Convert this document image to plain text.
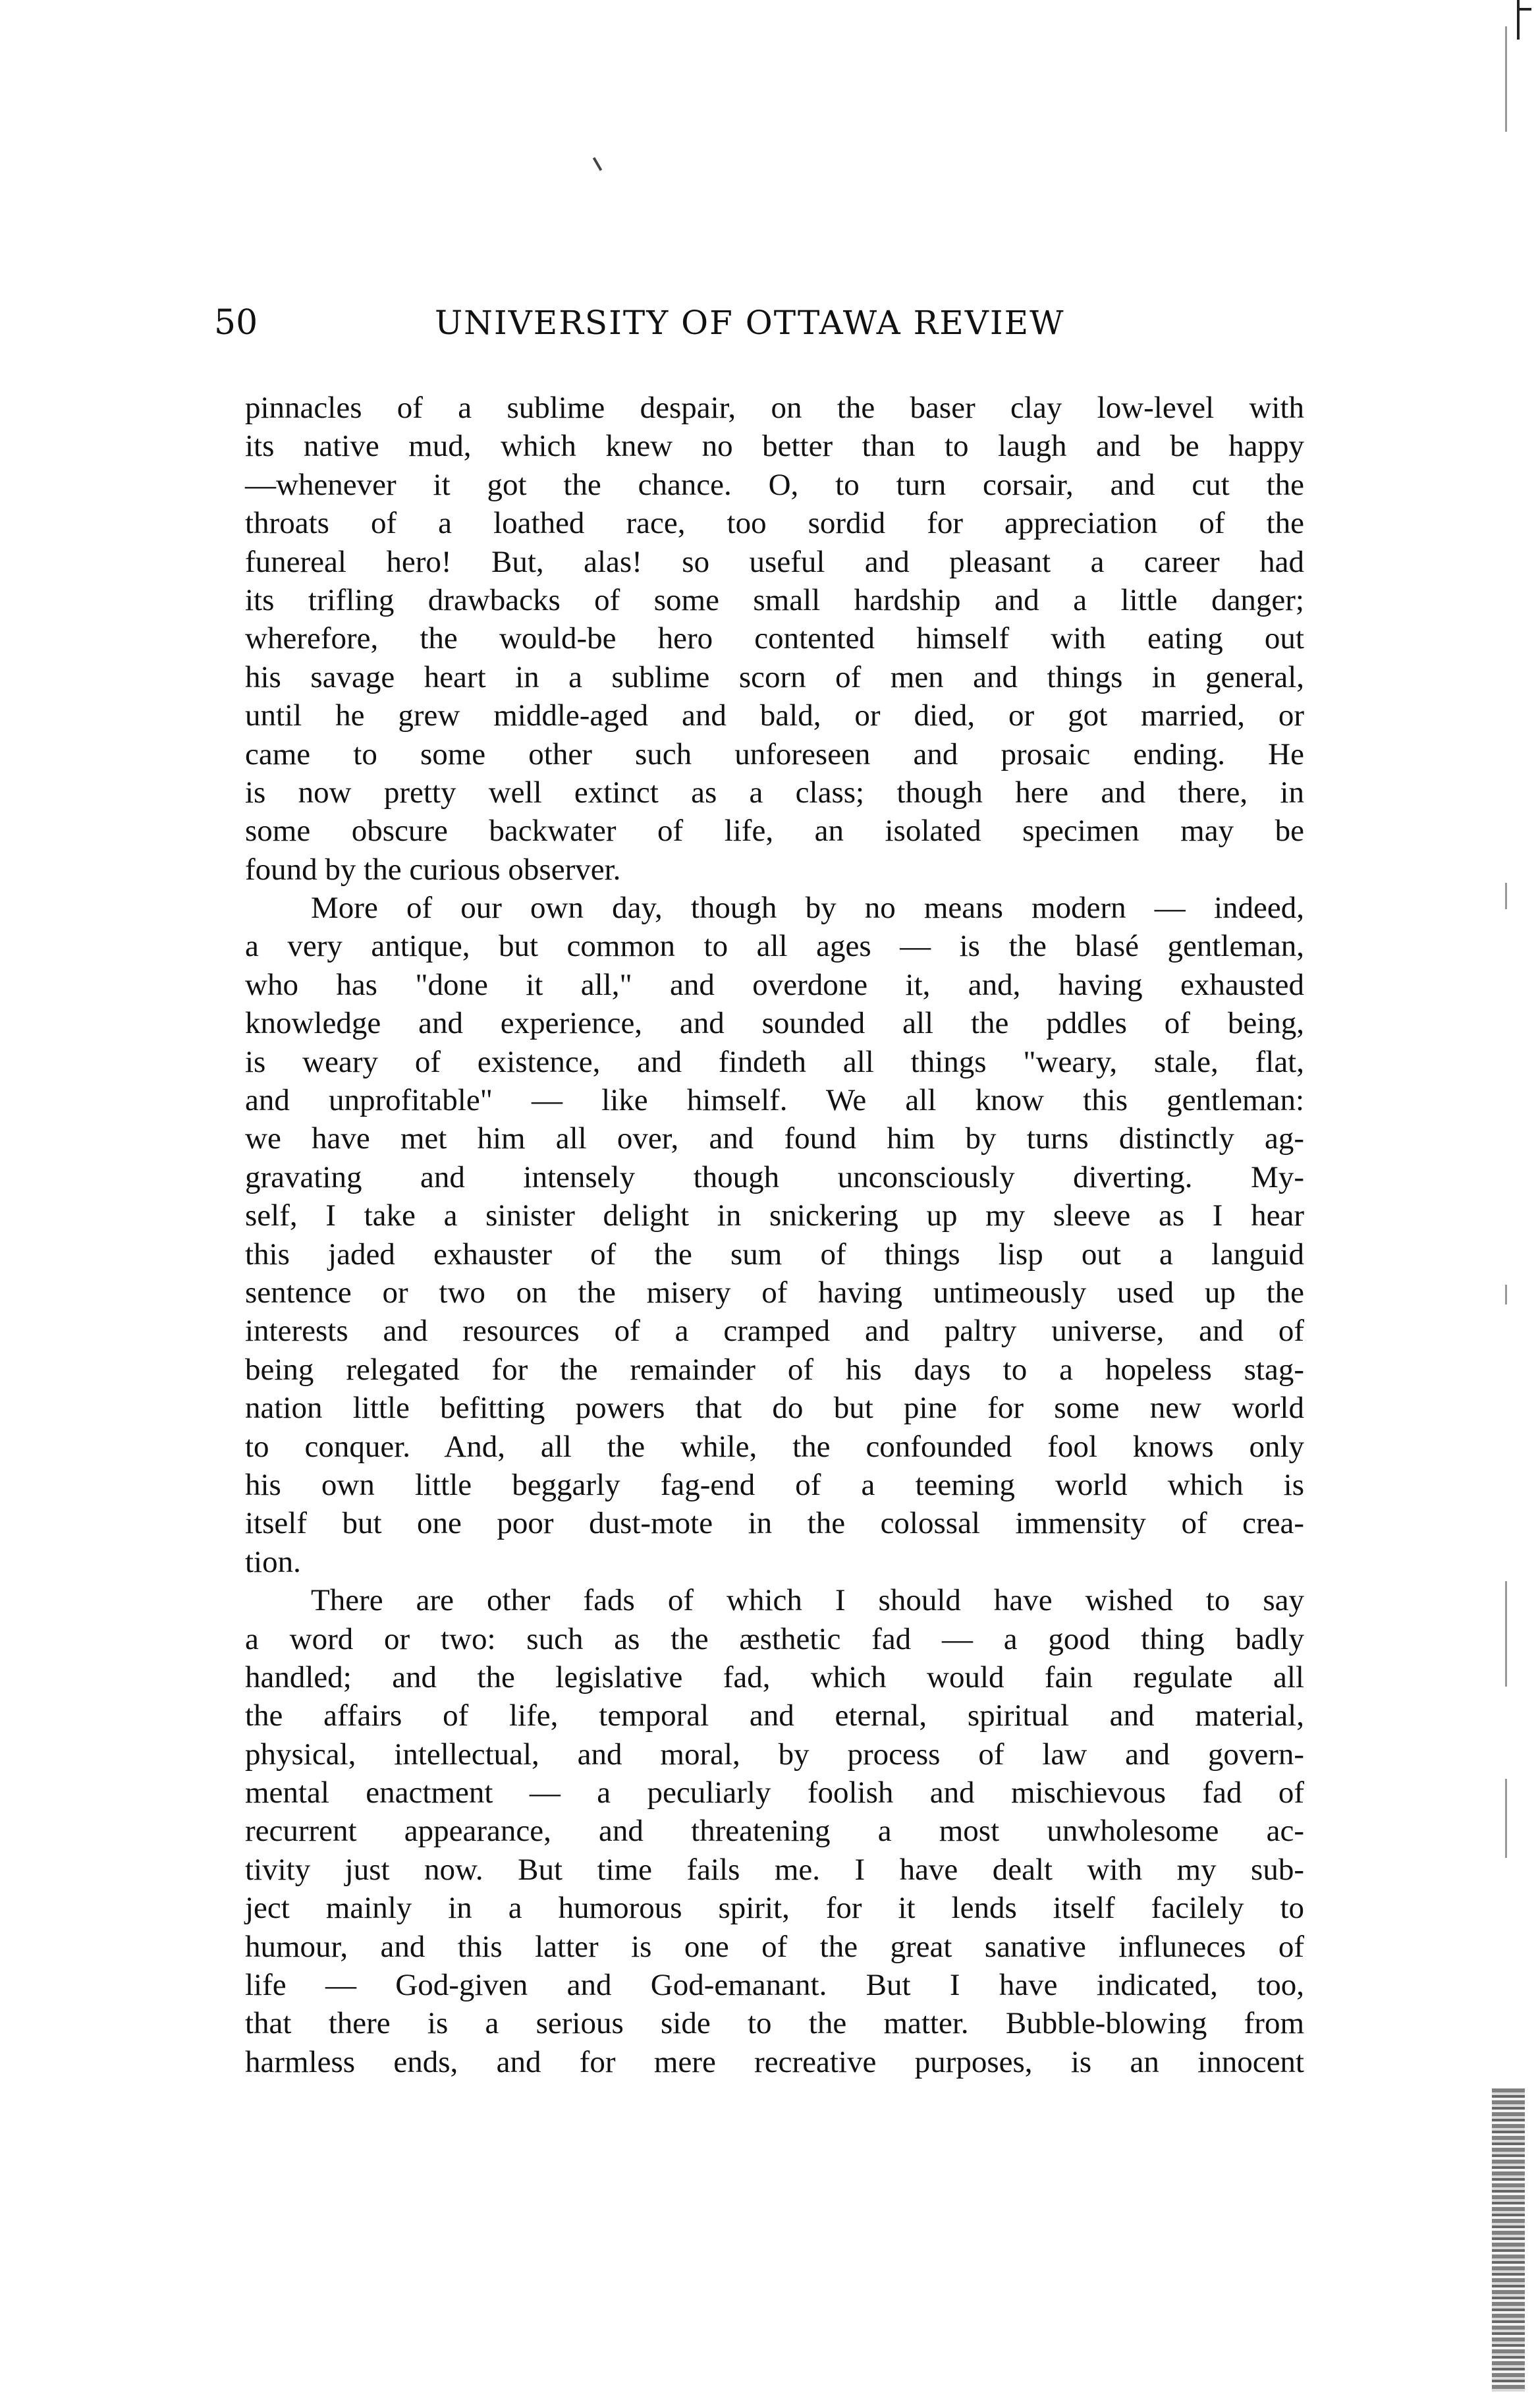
50	UNIVERSITY OF OTTAWA REVIEW
pinnacles of a sublime despair, on the baser clay low-level with
its native mud, which knew no better than to laugh and be happy
—whenever it got the chance. O, to turn corsair, and cut the
throats of a loathed race, too sordid for appreciation of the
funereal hero! But, alas! so useful and pleasant a career had
its trifling drawbacks of some small hardship and a little danger;
wherefore, the would-be hero contented himself with eating out
his savage heart in a sublime scorn of men and things in general,
until he grew middle-aged and bald, or died, or got married, or
came to some other such unforeseen and prosaic ending. He
is now pretty well extinct as a class; though here and there, in
some obscure backwater of life, an isolated specimen may be
found by the curious observer.
More of our own day, though by no means modern — indeed,
a very antique, but common to all ages — is the blasé gentleman,
who has "done it all," and overdone it, and, having exhausted
knowledge and experience, and sounded all the pddles of being,
is weary of existence, and findeth all things "weary, stale, flat,
and unprofitable" — like himself. We all know this gentleman:
we have met him all over, and found him by turns distinctly ag-
gravating and intensely though unconsciously diverting. My-
self, I take a sinister delight in snickering up my sleeve as I hear
this jaded exhauster of the sum of things lisp out a languid
sentence or two on the misery of having untimeously used up the
interests and resources of a cramped and paltry universe, and of
being relegated for the remainder of his days to a hopeless stag-
nation little befitting powers that do but pine for some new world
to conquer. And, all the while, the confounded fool knows only
his own little beggarly fag-end of a teeming world which is
itself but one poor dust-mote in the colossal immensity of crea-
tion.
There are other fads of which I should have wished to say
a word or two: such as the æsthetic fad — a good thing badly
handled; and the legislative fad, which would fain regulate all
the affairs of life, temporal and eternal, spiritual and material,
physical, intellectual, and moral, by process of law and govern-
mental enactment — a peculiarly foolish and mischievous fad of
recurrent appearance, and threatening a most unwholesome ac-
tivity just now. But time fails me. I have dealt with my sub-
ject mainly in a humorous spirit, for it lends itself facilely to
humour, and this latter is one of the great sanative influneces of
life — God-given and God-emanant. But I have indicated, too,
that there is a serious side to the matter. Bubble-blowing from
harmless ends, and for mere recreative purposes, is an innocent
